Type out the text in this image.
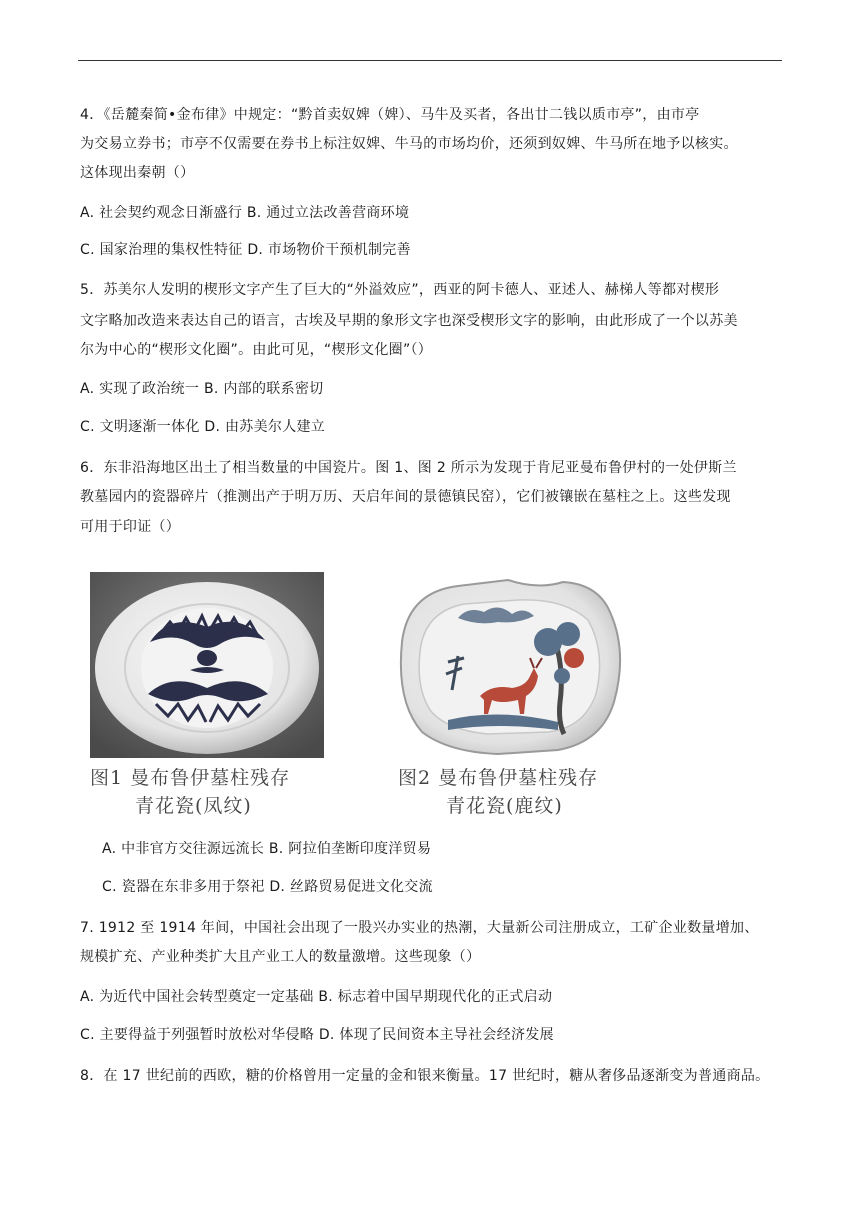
4．《岳麓秦简•金布律》中规定：“黔首卖奴婢（婢）、马牛及买者，各出廿二钱以质市亭”，由市亭
为交易立券书；市亭不仅需要在券书上标注奴婢、牛马的市场均价，还须到奴婢、牛马所在地予以核实。
这体现出秦朝（）
A. 社会契约观念日渐盛行 B. 通过立法改善营商环境
C. 国家治理的集权性特征 D. 市场物价干预机制完善
5．苏美尔人发明的楔形文字产生了巨大的“外溢效应”，西亚的阿卡德人、亚述人、赫梯人等都对楔形
文字略加改造来表达自己的语言，古埃及早期的象形文字也深受楔形文字的影响，由此形成了一个以苏美
尔为中心的“楔形文化圈”。由此可见，“楔形文化圈”（）
A. 实现了政治统一 B. 内部的联系密切
C. 文明逐渐一体化 D. 由苏美尔人建立
6．东非沿海地区出土了相当数量的中国瓷片。图 1、图 2 所示为发现于肯尼亚曼布鲁伊村的一处伊斯兰
教墓园内的瓷器碎片（推测出产于明万历、天启年间的景德镇民窑），它们被镶嵌在墓柱之上。这些发现
可用于印证（）
图1 曼布鲁伊墓柱残存
青花瓷(凤纹)
图2 曼布鲁伊墓柱残存
青花瓷(鹿纹)
A. 中非官方交往源远流长 B. 阿拉伯垄断印度洋贸易
C. 瓷器在东非多用于祭祀 D. 丝路贸易促进文化交流
7. 1912 至 1914 年间，中国社会出现了一股兴办实业的热潮，大量新公司注册成立，工矿企业数量增加、
规模扩充、产业种类扩大且产业工人的数量激增。这些现象（）
A. 为近代中国社会转型奠定一定基础 B. 标志着中国早期现代化的正式启动
C. 主要得益于列强暂时放松对华侵略 D. 体现了民间资本主导社会经济发展
8．在 17 世纪前的西欧，糖的价格曾用一定量的金和银来衡量。17 世纪时，糖从奢侈品逐渐变为普通商品。
